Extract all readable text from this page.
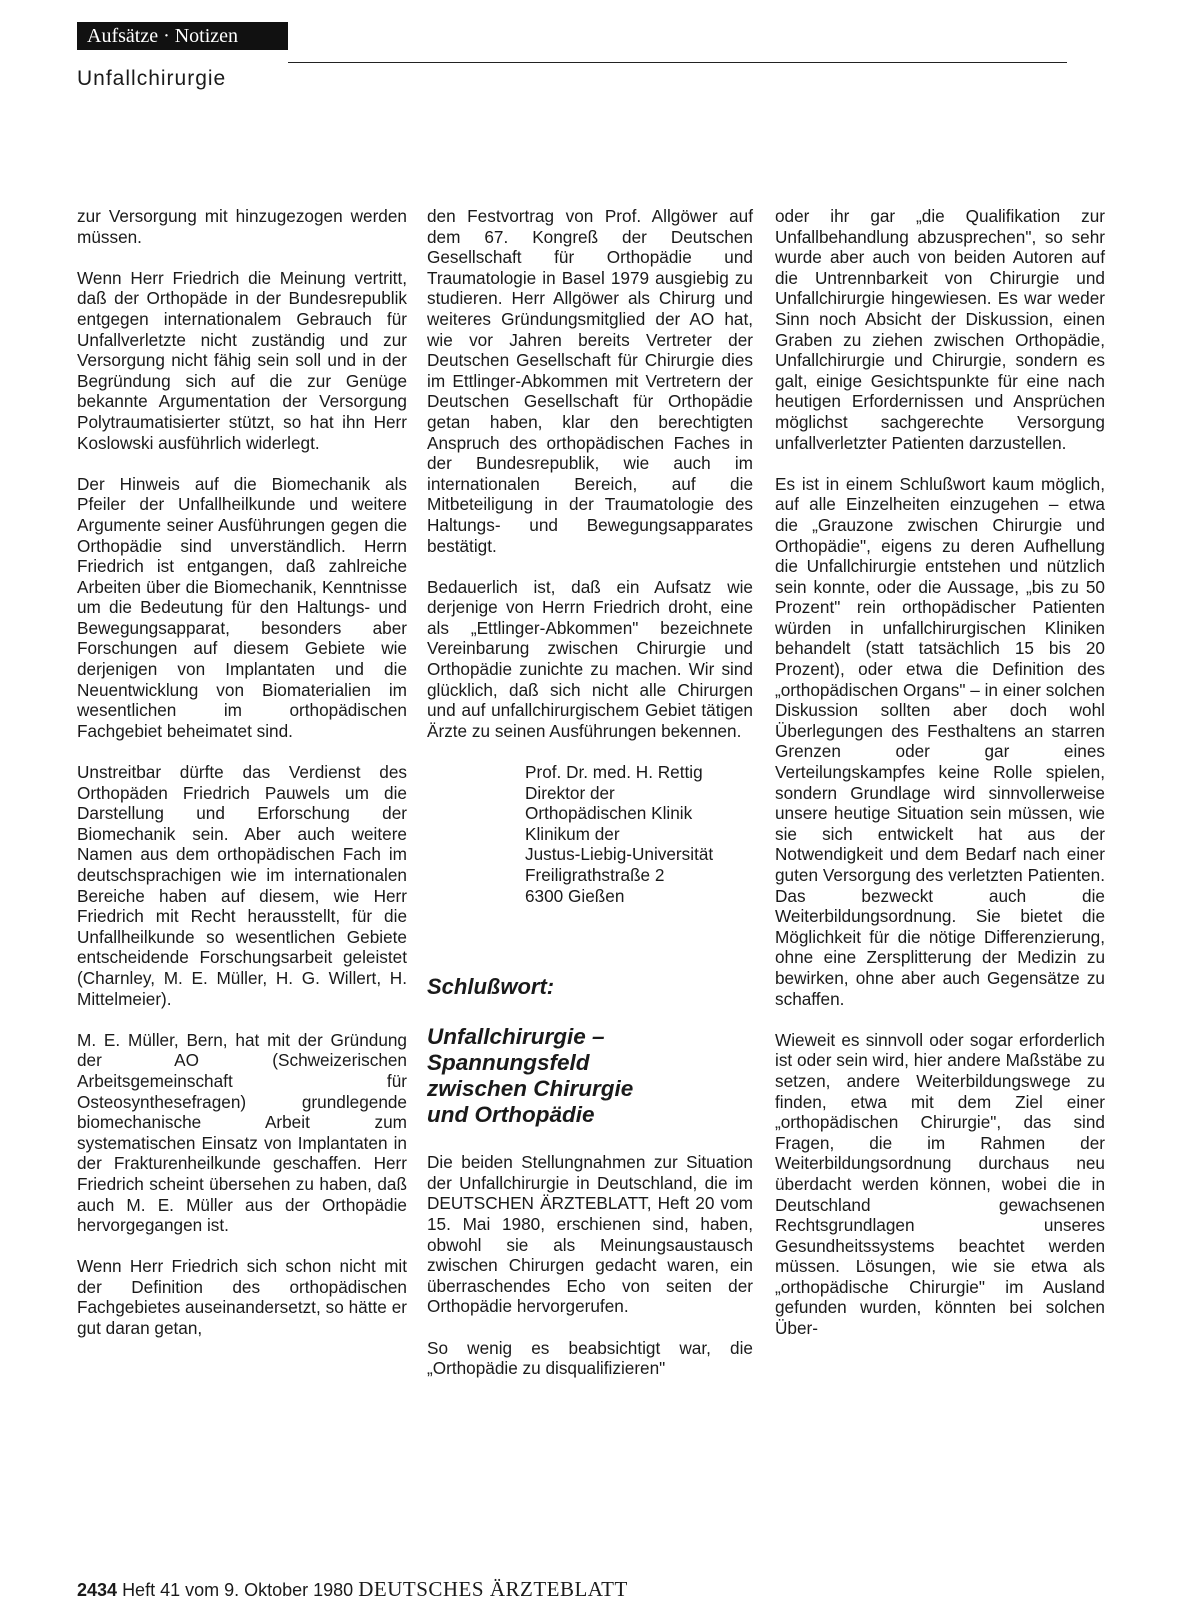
Aufsätze · Notizen
Unfallchirurgie

zur Versorgung mit hinzugezogen werden müssen.

Wenn Herr Friedrich die Meinung vertritt, daß der Orthopäde in der Bundesrepublik entgegen internationalem Gebrauch für Unfallverletzte nicht zuständig und zur Versorgung nicht fähig sein soll und in der Begründung sich auf die zur Genüge bekannte Argumentation der Versorgung Polytraumatisierter stützt, so hat ihn Herr Koslowski ausführlich widerlegt.

Der Hinweis auf die Biomechanik als Pfeiler der Unfallheilkunde und weitere Argumente seiner Ausführungen gegen die Orthopädie sind unverständlich. Herrn Friedrich ist entgangen, daß zahlreiche Arbeiten über die Biomechanik, Kenntnisse um die Bedeutung für den Haltungs- und Bewegungsapparat, besonders aber Forschungen auf diesem Gebiete wie derjenigen von Implantaten und die Neuentwicklung von Biomaterialien im wesentlichen im orthopädischen Fachgebiet beheimatet sind.

Unstreitbar dürfte das Verdienst des Orthopäden Friedrich Pauwels um die Darstellung und Erforschung der Biomechanik sein. Aber auch weitere Namen aus dem orthopädischen Fach im deutschsprachigen wie im internationalen Bereiche haben auf diesem, wie Herr Friedrich mit Recht herausstellt, für die Unfallheilkunde so wesentlichen Gebiete entscheidende Forschungsarbeit geleistet (Charnley, M. E. Müller, H. G. Willert, H. Mittelmeier).

M. E. Müller, Bern, hat mit der Gründung der AO (Schweizerischen Arbeitsgemeinschaft für Osteosynthesefragen) grundlegende biomechanische Arbeit zum systematischen Einsatz von Implantaten in der Frakturenheilkunde geschaffen. Herr Friedrich scheint übersehen zu haben, daß auch M. E. Müller aus der Orthopädie hervorgegangen ist.

Wenn Herr Friedrich sich schon nicht mit der Definition des orthopädischen Fachgebietes auseinandersetzt, so hätte er gut daran getan,

den Festvortrag von Prof. Allgöwer auf dem 67. Kongreß der Deutschen Gesellschaft für Orthopädie und Traumatologie in Basel 1979 ausgiebig zu studieren. Herr Allgöwer als Chirurg und weiteres Gründungsmitglied der AO hat, wie vor Jahren bereits Vertreter der Deutschen Gesellschaft für Chirurgie dies im Ettlinger-Abkommen mit Vertretern der Deutschen Gesellschaft für Orthopädie getan haben, klar den berechtigten Anspruch des orthopädischen Faches in der Bundesrepublik, wie auch im internationalen Bereich, auf die Mitbeteiligung in der Traumatologie des Haltungs- und Bewegungsapparates bestätigt.

Bedauerlich ist, daß ein Aufsatz wie derjenige von Herrn Friedrich droht, eine als „Ettlinger-Abkommen" bezeichnete Vereinbarung zwischen Chirurgie und Orthopädie zunichte zu machen. Wir sind glücklich, daß sich nicht alle Chirurgen und auf unfallchirurgischem Gebiet tätigen Ärzte zu seinen Ausführungen bekennen.

Prof. Dr. med. H. Rettig
Direktor der
Orthopädischen Klinik
Klinikum der
Justus-Liebig-Universität
Freiligrathstraße 2
6300 Gießen
Schlußwort:
Unfallchirurgie –
Spannungsfeld
zwischen Chirurgie
und Orthopädie

Die beiden Stellungnahmen zur Situation der Unfallchirurgie in Deutschland, die im DEUTSCHEN ÄRZTEBLATT, Heft 20 vom 15. Mai 1980, erschienen sind, haben, obwohl sie als Meinungsaustausch zwischen Chirurgen gedacht waren, ein überraschendes Echo von seiten der Orthopädie hervorgerufen.

So wenig es beabsichtigt war, die „Orthopädie zu disqualifizieren"

oder ihr gar „die Qualifikation zur Unfallbehandlung abzusprechen", so sehr wurde aber auch von beiden Autoren auf die Untrennbarkeit von Chirurgie und Unfallchirurgie hingewiesen. Es war weder Sinn noch Absicht der Diskussion, einen Graben zu ziehen zwischen Orthopädie, Unfallchirurgie und Chirurgie, sondern es galt, einige Gesichtspunkte für eine nach heutigen Erfordernissen und Ansprüchen möglichst sachgerechte Versorgung unfallverletzter Patienten darzustellen.

Es ist in einem Schlußwort kaum möglich, auf alle Einzelheiten einzugehen – etwa die „Grauzone zwischen Chirurgie und Orthopädie", eigens zu deren Aufhellung die Unfallchirurgie entstehen und nützlich sein konnte, oder die Aussage, „bis zu 50 Prozent" rein orthopädischer Patienten würden in unfallchirurgischen Kliniken behandelt (statt tatsächlich 15 bis 20 Prozent), oder etwa die Definition des „orthopädischen Organs" – in einer solchen Diskussion sollten aber doch wohl Überlegungen des Festhaltens an starren Grenzen oder gar eines Verteilungskampfes keine Rolle spielen, sondern Grundlage wird sinnvollerweise unsere heutige Situation sein müssen, wie sie sich entwickelt hat aus der Notwendigkeit und dem Bedarf nach einer guten Versorgung des verletzten Patienten. Das bezweckt auch die Weiterbildungsordnung. Sie bietet die Möglichkeit für die nötige Differenzierung, ohne eine Zersplitterung der Medizin zu bewirken, ohne aber auch Gegensätze zu schaffen.

Wieweit es sinnvoll oder sogar erforderlich ist oder sein wird, hier andere Maßstäbe zu setzen, andere Weiterbildungswege zu finden, etwa mit dem Ziel einer „orthopädischen Chirurgie", das sind Fragen, die im Rahmen der Weiterbildungsordnung durchaus neu überdacht werden können, wobei die in Deutschland gewachsenen Rechtsgrundlagen unseres Gesundheitssystems beachtet werden müssen. Lösungen, wie sie etwa als „orthopädische Chirurgie" im Ausland gefunden wurden, könnten bei solchen Über-

2434 Heft 41 vom 9. Oktober 1980 DEUTSCHES ÄRZTEBLATT
